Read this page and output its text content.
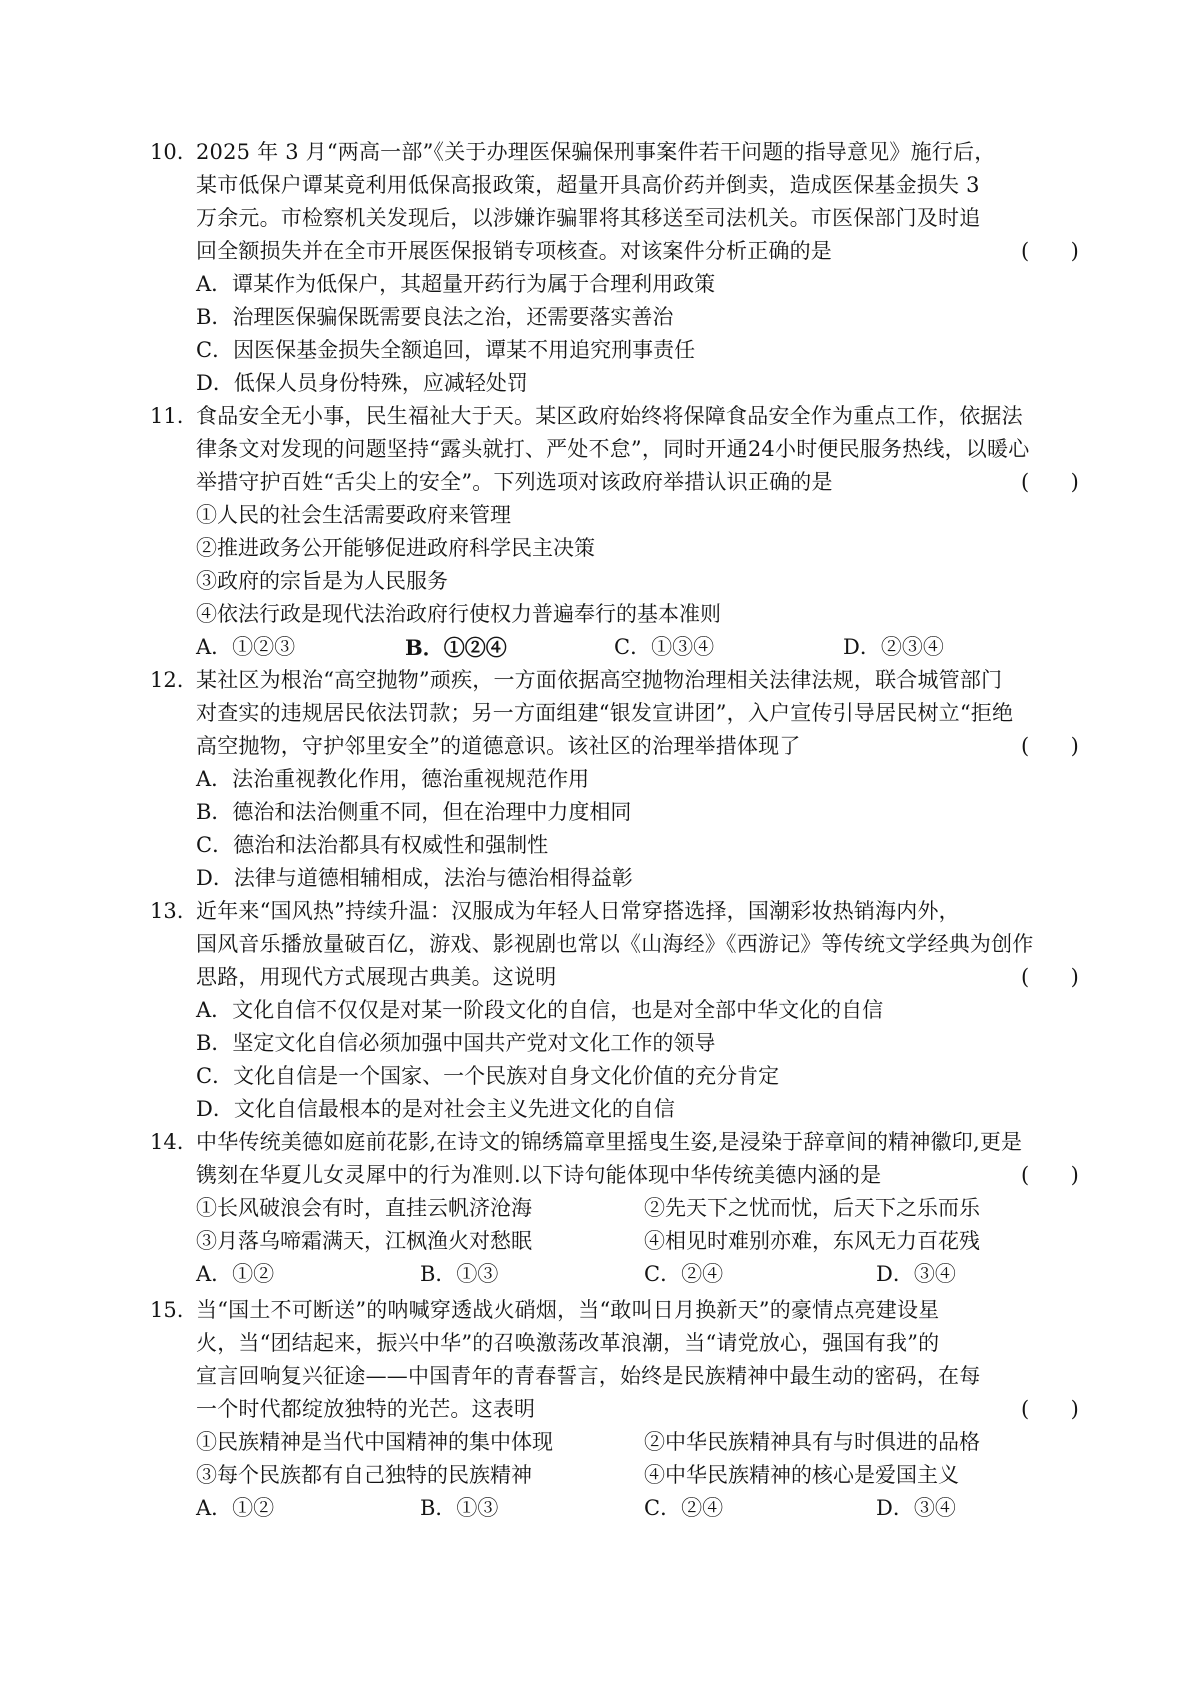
10. 2025 年 3 月“两高一部”《关于办理医保骗保刑事案件若干问题的指导意见》施行后，
某市低保户谭某竟利用低保高报政策，超量开具高价药并倒卖，造成医保基金损失 3
万余元。市检察机关发现后，以涉嫌诈骗罪将其移送至司法机关。市医保部门及时追
回全额损失并在全市开展医保报销专项核查。对该案件分析正确的是	(      )
A．谭某作为低保户，其超量开药行为属于合理利用政策
B．治理医保骗保既需要良法之治，还需要落实善治
C．因医保基金损失全额追回，谭某不用追究刑事责任
D．低保人员身份特殊，应减轻处罚
11. 食品安全无小事，民生福祉大于天。某区政府始终将保障食品安全作为重点工作，依据法
律条文对发现的问题坚持“露头就打、严处不怠”，同时开通24小时便民服务热线，以暖心
举措守护百姓“舌尖上的安全”。下列选项对该政府举措认识正确的是	(      )
①人民的社会生活需要政府来管理
②推进政务公开能够促进政府科学民主决策
③政府的宗旨是为人民服务
④依法行政是现代法治政府行使权力普遍奉行的基本准则
A．①②③	B．①②④	C．①③④	D．②③④
12. 某社区为根治“高空抛物”顽疾，一方面依据高空抛物治理相关法律法规，联合城管部门
对查实的违规居民依法罚款；另一方面组建“银发宣讲团”，入户宣传引导居民树立“拒绝
高空抛物，守护邻里安全”的道德意识。该社区的治理举措体现了	(      )
A．法治重视教化作用，德治重视规范作用
B．德治和法治侧重不同，但在治理中力度相同
C．德治和法治都具有权威性和强制性
D．法律与道德相辅相成，法治与德治相得益彰
13. 近年来“国风热”持续升温：汉服成为年轻人日常穿搭选择，国潮彩妆热销海内外，
国风音乐播放量破百亿，游戏、影视剧也常以《山海经》《西游记》等传统文学经典为创作
思路，用现代方式展现古典美。这说明	(      )
A．文化自信不仅仅是对某一阶段文化的自信，也是对全部中华文化的自信
B．坚定文化自信必须加强中国共产党对文化工作的领导
C．文化自信是一个国家、一个民族对自身文化价值的充分肯定
D．文化自信最根本的是对社会主义先进文化的自信
14. 中华传统美德如庭前花影,在诗文的锦绣篇章里摇曳生姿,是浸染于辞章间的精神徽印,更是
镌刻在华夏儿女灵犀中的行为准则.以下诗句能体现中华传统美德内涵的是	(      )
①长风破浪会有时，直挂云帆济沧海	②先天下之忧而忧，后天下之乐而乐
③月落乌啼霜满天，江枫渔火对愁眠	④相见时难别亦难，东风无力百花残
A．①②	B．①③	C．②④	D．③④
15. 当“国土不可断送”的呐喊穿透战火硝烟，当“敢叫日月换新天”的豪情点亮建设星
火，当“团结起来，振兴中华”的召唤激荡改革浪潮，当“请党放心，强国有我”的
宣言回响复兴征途——中国青年的青春誓言，始终是民族精神中最生动的密码，在每
一个时代都绽放独特的光芒。这表明	(      )
①民族精神是当代中国精神的集中体现	②中华民族精神具有与时俱进的品格
③每个民族都有自己独特的民族精神	④中华民族精神的核心是爱国主义
A．①②	B．①③	C．②④	D．③④
